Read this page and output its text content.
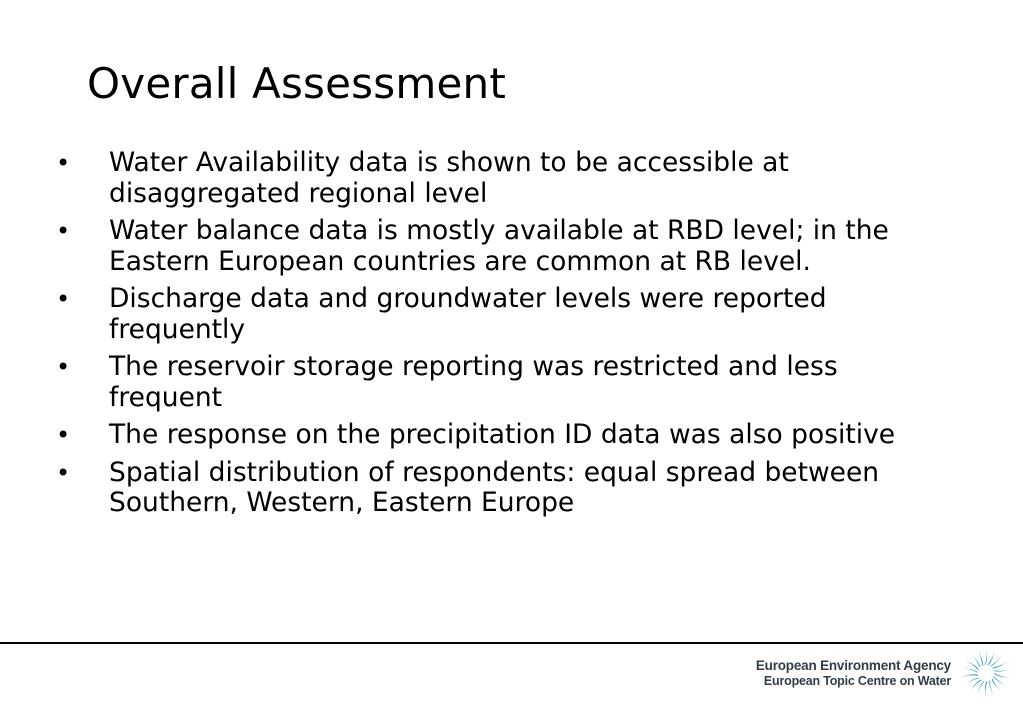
Overall Assessment
• Water Availability data is shown to be accessible at disaggregated regional level
• Water balance data is mostly available at RBD level; in the Eastern European countries are common at RB level.
• Discharge data and groundwater levels were reported frequently
• The reservoir storage reporting was restricted and less frequent
• The response on the precipitation ID data was also positive
• Spatial distribution of respondents: equal spread between Southern, Western, Eastern Europe
European Environment Agency
European Topic Centre on Water
